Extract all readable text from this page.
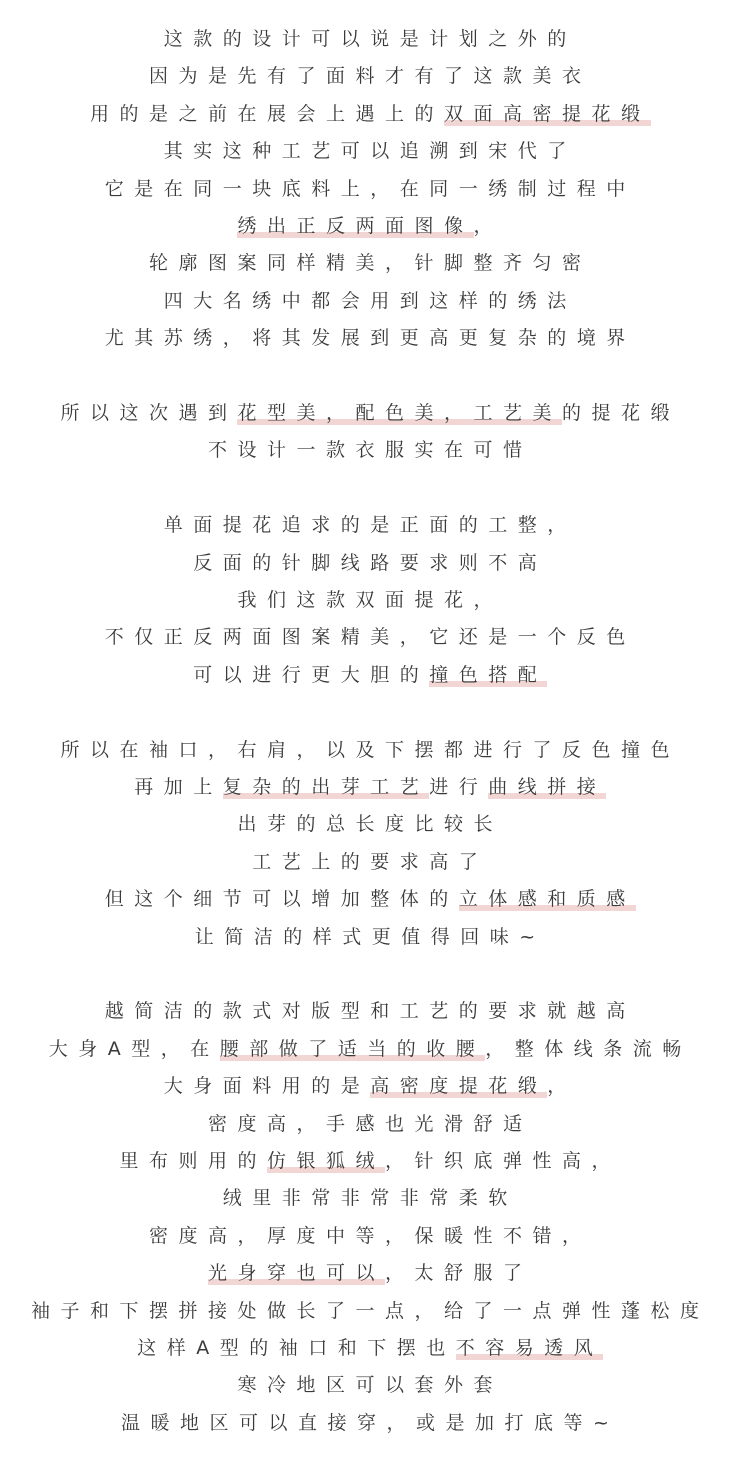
这款的设计可以说是计划之外的
因为是先有了面料才有了这款美衣
用的是之前在展会上遇上的双面高密提花缎
其实这种工艺可以追溯到宋代了
它是在同一块底料上，在同一绣制过程中
绣出正反两面图像，
轮廓图案同样精美，针脚整齐匀密
四大名绣中都会用到这样的绣法
尤其苏绣，将其发展到更高更复杂的境界
所以这次遇到花型美，配色美，工艺美的提花缎
不设计一款衣服实在可惜
单面提花追求的是正面的工整，
反面的针脚线路要求则不高
我们这款双面提花，
不仅正反两面图案精美，它还是一个反色
可以进行更大胆的撞色搭配
所以在袖口，右肩，以及下摆都进行了反色撞色
再加上复杂的出芽工艺进行曲线拼接
出芽的总长度比较长
工艺上的要求高了
但这个细节可以增加整体的立体感和质感
让简洁的样式更值得回味~
越简洁的款式对版型和工艺的要求就越高
大身A型，在腰部做了适当的收腰，整体线条流畅
大身面料用的是高密度提花缎，
密度高，手感也光滑舒适
里布则用的仿银狐绒，针织底弹性高，
绒里非常非常非常柔软
密度高，厚度中等，保暖性不错，
光身穿也可以，太舒服了
袖子和下摆拼接处做长了一点，给了一点弹性蓬松度
这样A型的袖口和下摆也不容易透风
寒冷地区可以套外套
温暖地区可以直接穿，或是加打底等~
